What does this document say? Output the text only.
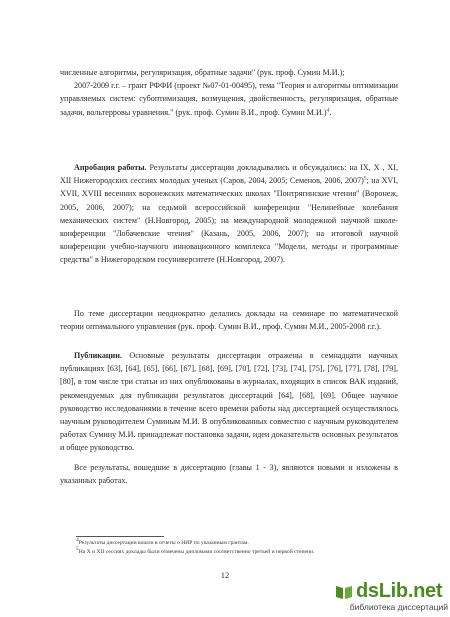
численные алгоритмы, регуляризация, обратные задачи" (рук. проф. Сумин М.И.);

2007-2009 г.г. – грант РФФИ (проект №07-01-00495), тема "Теория и алгоритмы оптимизации управляемых систем: субоптимизация, возмущения, двойственность, регуляризация, обратные задачи, вольтерровы уравнения." (рук. проф. Сумин В.И., проф. Сумин М.И.)$^4$.

Апробация работы. Результаты диссертации докладывались и обсуждались: на IX, X , XI, XII Нижегородских сессиях молодых ученых (Саров, 2004, 2005; Семенов, 2006, 2007)$^5$; на XVI, XVII, XVIII весенних воронежских математических школах "Понтрягинские чтения" (Воронеж, 2005, 2006, 2007); на седьмой всероссийской конференции "Нелинейные колебания механических систем" (Н.Новгород, 2005); на международной молодежной научной школе-конференции "Лобачевские чтения" (Казань, 2005, 2006, 2007); на итоговой научной конференции учебно-научного инновационного комплекса "Модели, методы и программные средства" в Нижегородском госуниверситете (Н.Новгород, 2007).

По теме диссертации неоднократно делались доклады на семинаре по математической теории оптимального управления (рук. проф. Сумин В.И., проф. Сумин М.И., 2005-2008 г.г.).

Публикации. Основные результаты диссертации отражены в семнадцати научных публикациях [63], [64], [65], [66], [67], [68], [69], [70], [72], [73], [74], [75], [76], [77], [78], [79], [80], в том числе три статьи из них опубликованы в журналах, входящих в список ВАК изданий, рекомендуемых для публикации результатов диссертаций [64], [68], [69]. Общее научное руководство исследованиями в течение всего времени работы над диссертацией осуществлялось научным руководителем Суминым М.И. В опубликованных совместно с научным руководителем работах Сумину М.И. принадлежат постановка задачи, идеи доказательств основных результатов и общее руководство.

Все результаты, вошедшие в диссертацию (главы 1 - 3), являются новыми и изложены в указанных работах.

$^4$Результаты диссертации вошли в отчеты о НИР по указанным грантам.
$^5$На X и XII сессиях доклады были отмечены дипломами соответственно третьей и первой степени.
12
dsLib.net
библиотека диссертаций
